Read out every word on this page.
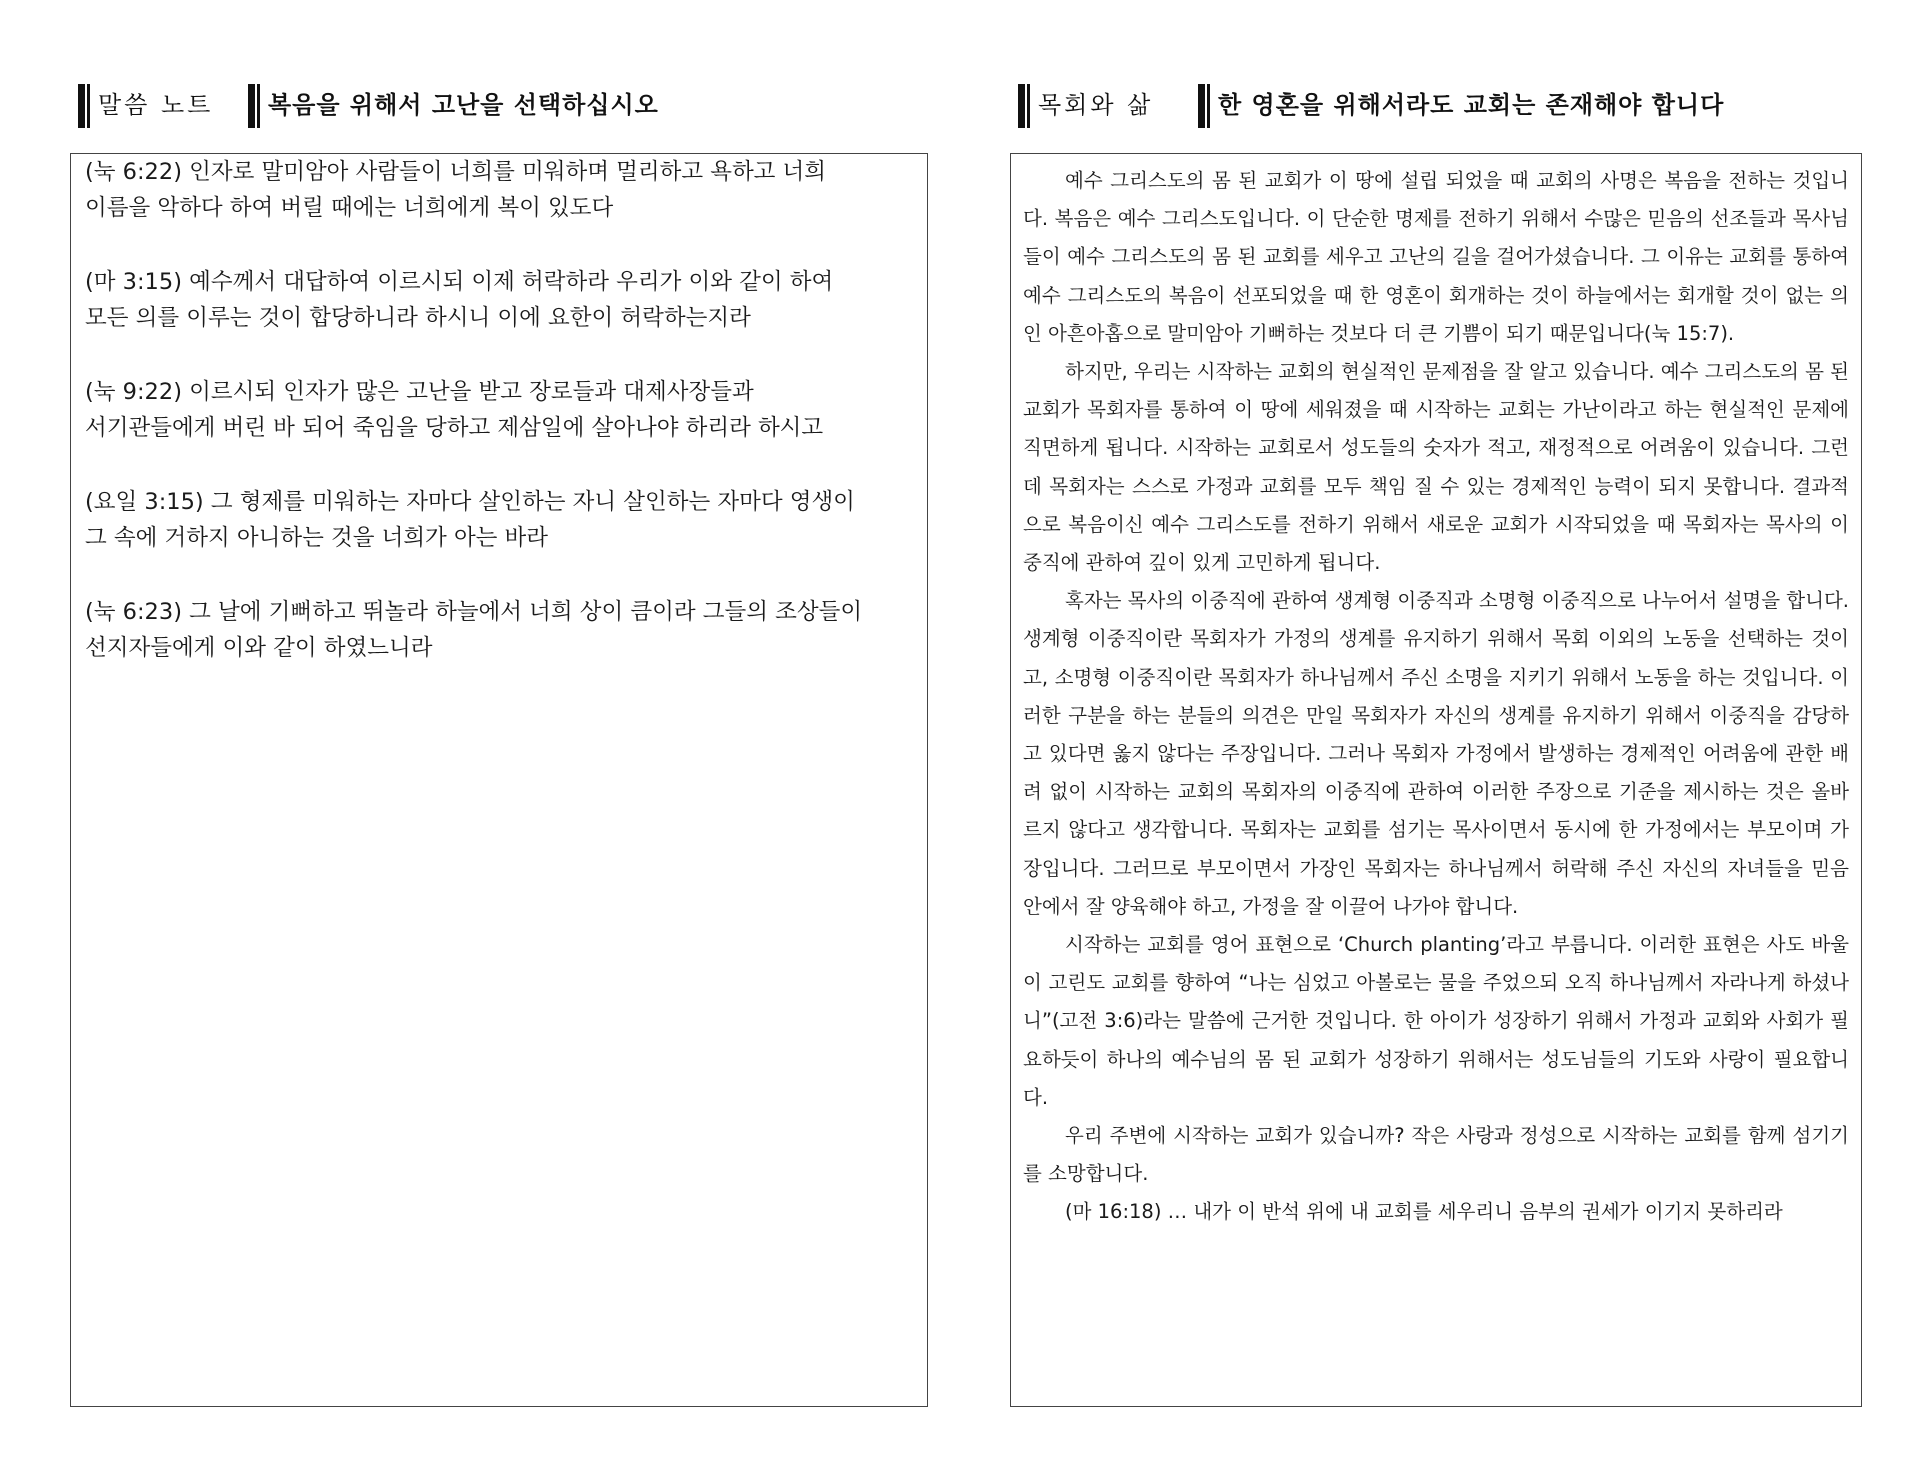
말씀 노트 복음을 위해서 고난을 선택하십시오
(눅 6:22) 인자로 말미암아 사람들이 너희를 미워하며 멀리하고 욕하고 너희
이름을 악하다 하여 버릴 때에는 너희에게 복이 있도다
(마 3:15) 예수께서 대답하여 이르시되 이제 허락하라 우리가 이와 같이 하여
모든 의를 이루는 것이 합당하니라 하시니 이에 요한이 허락하는지라
(눅 9:22) 이르시되 인자가 많은 고난을 받고 장로들과 대제사장들과
서기관들에게 버린 바 되어 죽임을 당하고 제삼일에 살아나야 하리라 하시고
(요일 3:15) 그 형제를 미워하는 자마다 살인하는 자니 살인하는 자마다 영생이
그 속에 거하지 아니하는 것을 너희가 아는 바라
(눅 6:23) 그 날에 기뻐하고 뛰놀라 하늘에서 너희 상이 큼이라 그들의 조상들이
선지자들에게 이와 같이 하였느니라
목회와 삶	한 영혼을 위해서라도 교회는 존재해야 합니다

예수 그리스도의 몸 된 교회가 이 땅에 설립 되었을 때 교회의 사명은 복음을 전하는 것입니다. 복음은 예수 그리스도입니다. 이 단순한 명제를 전하기 위해서 수많은 믿음의 선조들과 목사님들이 예수 그리스도의 몸 된 교회를 세우고 고난의 길을 걸어가셨습니다. 그 이유는 교회를 통하여 예수 그리스도의 복음이 선포되었을 때 한 영혼이 회개하는 것이 하늘에서는 회개할 것이 없는 의인 아흔아홉으로 말미암아 기뻐하는 것보다 더 큰 기쁨이 되기 때문입니다(눅 15:7).

하지만, 우리는 시작하는 교회의 현실적인 문제점을 잘 알고 있습니다. 예수 그리스도의 몸 된 교회가 목회자를 통하여 이 땅에 세워졌을 때 시작하는 교회는 가난이라고 하는 현실적인 문제에 직면하게 됩니다. 시작하는 교회로서 성도들의 숫자가 적고, 재정적으로 어려움이 있습니다. 그런데 목회자는 스스로 가정과 교회를 모두 책임 질 수 있는 경제적인 능력이 되지 못합니다. 결과적으로 복음이신 예수 그리스도를 전하기 위해서 새로운 교회가 시작되었을 때 목회자는 목사의 이중직에 관하여 깊이 있게 고민하게 됩니다.

혹자는 목사의 이중직에 관하여 생계형 이중직과 소명형 이중직으로 나누어서 설명을 합니다. 생계형 이중직이란 목회자가 가정의 생계를 유지하기 위해서 목회 이외의 노동을 선택하는 것이고, 소명형 이중직이란 목회자가 하나님께서 주신 소명을 지키기 위해서 노동을 하는 것입니다. 이러한 구분을 하는 분들의 의견은 만일 목회자가 자신의 생계를 유지하기 위해서 이중직을 감당하고 있다면 옳지 않다는 주장입니다. 그러나 목회자 가정에서 발생하는 경제적인 어려움에 관한 배려 없이 시작하는 교회의 목회자의 이중직에 관하여 이러한 주장으로 기준을 제시하는 것은 올바르지 않다고 생각합니다. 목회자는 교회를 섬기는 목사이면서 동시에 한 가정에서는 부모이며 가장입니다. 그러므로 부모이면서 가장인 목회자는 하나님께서 허락해 주신 자신의 자녀들을 믿음 안에서 잘 양육해야 하고, 가정을 잘 이끌어 나가야 합니다.

시작하는 교회를 영어 표현으로 ‘Church planting’라고 부릅니다. 이러한 표현은 사도 바울이 고린도 교회를 향하여 “나는 심었고 아볼로는 물을 주었으되 오직 하나님께서 자라나게 하셨나니”(고전 3:6)라는 말씀에 근거한 것입니다. 한 아이가 성장하기 위해서 가정과 교회와 사회가 필요하듯이 하나의 예수님의 몸 된 교회가 성장하기 위해서는 성도님들의 기도와 사랑이 필요합니다.

우리 주변에 시작하는 교회가 있습니까? 작은 사랑과 정성으로 시작하는 교회를 함께 섬기기를 소망합니다.

(마 16:18) … 내가 이 반석 위에 내 교회를 세우리니 음부의 권세가 이기지 못하리라
